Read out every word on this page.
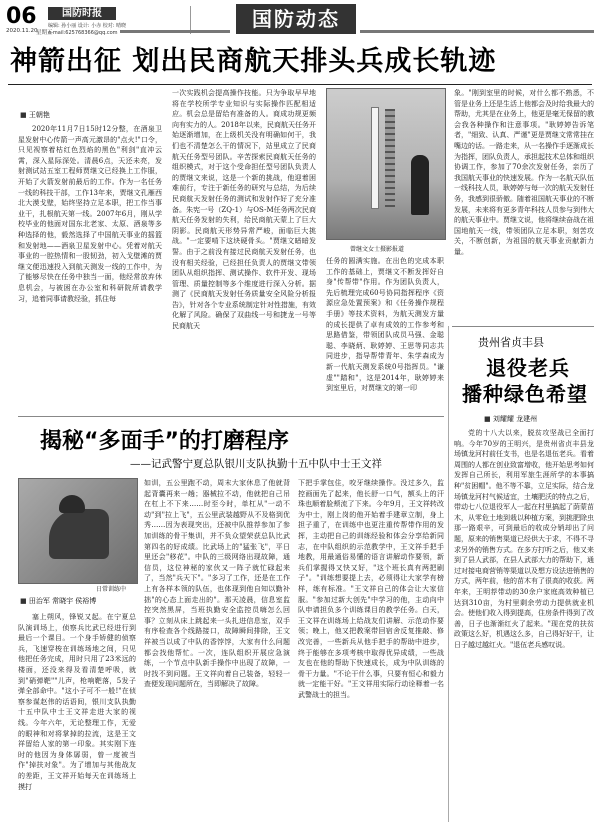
06
2020.11.20
星期五
国防时报
编辑: 孙小丽 设计: 小赤 校对: 晴晓
e-mail:625768366@qq.com
国防动态
神箭出征 划出民商航天排头兵成长轨迹
■ 王朝艳

2020年11月7日15时12分整，在酒泉卫星发射中心传箭一声高元激昂的"点火!"口令，只见视察着枯红色烈焰的黑色"利剑"直冲云霄，深入星际深处。清晨6点，天还未亮，发射测试站五室工程师贾继文已经换上工作服，开始了火箭发射前最后的工作。作为一名任务一线的科技干部，工作13年来，贾继文孔雁西北大漠戈壁，始终坚持立足本职，把工作当事业干，扎根航天第一线。2007年6月，刚从学校毕业的他面对国东北老家、太原、酒泉等多种选择的他，毅然选择了中国航天事业的摇篮和发射地——酒泉卫星发射中心。凭着对航天事业的一腔热情和一股韧劲，初入戈壁滩的贾继文便迅速投入到航天测发一线的工作中，为了能够尽快在任务中独当一面，他经常放弃休息机会，与被困在办公室和科研院所请教学习，追着同事请教经验，抓住每

一次实践机会提高操作技能。只为争取早早地将在学校所学专业知识与实际操作匹配相适应。机会总是留给有准备的人。商成功规更频向有实力的人。2018年以来，民商航天任务开始逐渐增加，在上级机关没有明确如何干，我们也不清楚怎么干的情况下，站里成立了民商航天任务型号团队。辛苦探索民商航天任务的组织模式，对于这个受命担任型号团队负责人的贾继文来说，这是一个新的挑战，他迎着困难前行，专注于新任务的研究与总结，为后续民商航天发射任务的测试和发射作好了充分准备。朱宪一号（ZQ-1）与OS-M任务两次民商航天任务发射的失利，给民商航天蒙上了巨大阴影。民商航天形势异常严峻，面临巨大挑战。"一定要啃下这块硬骨头。"贾继文暗暗发誓。由于之前没有接过民商航天发射任务，也没有相关经验，已经担任负责人的贾继文带领团队从组织指挥、测试操作、软件开发、现场管理、质量控制等多个维度进行深入分析。据测了《民商航天发射任务质量安全风险分析报告》，针对各个专业系统制定针对性措施，有效化解了风险。确保了双曲线一号和捷龙一号等民商航天

曾继文女士摄影报道

任务的圆满实施。在出色的完成本职工作的基础上，贾继文不断发挥好自身"传帮带"作用。作为团队负责人，先后梳理完成60号协同指挥程序《资源应急处置预案》和《任务操作规程手册》等技术资料，为航天测发方量的成长提供了卓有成效的工作参考和思路借鉴，带领团队成员马强、金聪聪、李晓炳、耿婷婷、王思等同志共同进步，指导帮带青年、朱学森成为新一代航天测发系统0号指挥员。"谦虚""踏和"，这是2014年，耿婷婷来到室里后，对贾继文的第一印

象。"刚到室里的时候，对什么都不熟悉，不管是业务上还是生活上他都会及时给我最大的帮助，尤其是在业务上，他更是毫无保留的教会我各种操作和注意事项。"耿婷婷告诉笔者，"细致、认真、严谨"更是贾继文常常挂在嘴边的话。一路走来，从一名操作手逐渐成长为指挥，团队负责人，承担起技术总体和组织协调工作，参加了70余次发射任务，亲历了我国航天事业的快速发展。作为一名航天队伍一线科技人员，耿婷婷与每一次的航天发射任务，我感到很骄傲。随着祖国航天事业的不断发展，未来将有更多青年科技人员参与到伟大的航天事业中。贾继文说，他将继续奋战在祖国地航天一线，带领团队立足本职，刻苦攻关，不断创新，为祖国的航天事业贡献新力量。

贵州省贞丰县
退役老兵
播种绿色希望
■ 刘耀耀 龙建州

党的十八大以来，脱贫攻坚战已全面打响。今年70岁的王明兴，是贵州省贞丰县龙场镇龙河村前任支书，也是名退伍老兵。看着周围的人都在创业致富增收，他开始思考如何发挥自己所长，利用军旅生涯所学的本事搞种"贫困帽"。他不等不靠，立足实际，结合龙场镇龙河村气候适宜，土壤肥沃的特点之后，带动七八位退役军人一起在村里搞起了荫蒙苗木，从零危土地到栽以种植方案，到挑肥除虫那一路艰辛，可到最后的收成分销却出了问题，原来的销售渠道已经供大于求，不得不寻求另外的销售方式。在多方打听之后，他又来到了县人武部，在县人武部大力的帮助下，通过对接电商营销等渠道以及想方设法进销售的方式，两年前，他的苗木有了很高的收获。两年来，王明荐带动的30余户家庭高效种植已达到310亩，为村里剩余劳动力提供就业机会。使他们收入得到提高，住房条件得到了改善，日子也渐渐红火了起来。"现在党的扶贫政策这么好，机遇这么多，自己得好好干，让日子越过越红火。"退伍老兵感叹说。

揭秘“多面手”的打磨程序
——记武警宁夏总队银川支队执勤十五中队中士王文祥
日常训练中
■ 田治军 常晓宇 侯裕博

塞上朔风，锋锐又起。在宁夏总队演训场上，侦察兵比武已经进行到最后一个课目。一个身手矫健的侦察兵，飞速穿梭在训练场地之间，只见他把任务完成，用时只用了23米远的楼面，还没来得及看清楚呼吸，就到"硝弹靶""儿声，枪响靶落，5发子弹全部命中。"这小子可不一般!"在侦察参谋赵伟的话语间，银川支队执勤十五中队中士王文祥走进大家的视线。今年六年，无论整理工作，无爱的眼神和对将掌掉的拉流，这是王文祥留给人家的第一印象。其实刚下连时的他因为身体孱弱，曾一度被当作"掉扶对象"。为了增加与其他战友的差距，王文祥开始每天在训练场上摸打

如训，五公里跑不动，周末大家休息了他就背起背囊再来一趟；器械拉不动，他就把自己吊在杠上不下来……时至今时，单杠从"一动不动"到"拉上飞"，五公里武装越野从不及格到优秀……因为表现突出，还被中队推荐参加了参加训练的骨干集训，并不负众望荣获总队比武第四名的好成绩。比武场上的"猛张飞"，平日里还会"移花"。中队的三级网络出现故障，通信员，这位神秘的家伙又一阵子就忙碌起来了，当然"兵天下"。"多习了工作，还是在工作上有各样本领的队伍，也体现到他自知以勤补拙"的心态上面走出的"。那天凌晨，信息室监控突然黑屏，当班执勤安全监控员嗨怎么回事？立刻从床上跳起来一头扎进信息室，双手有序检查各个线路接口，故障瞬间排除，王文祥被当以成了中队的香饽饽，大家有什么问题都会找他帮忙。一次，连队组织开展应急演练，一个节点中队新手操作中出现了故障，一时找不到问题。王文祥向着自己装备，轻轻一查便发现问题所在，当即解决了故障。

下把手掌包住，咬牙继续操作。没过多久，监控画面先了起来，他长舒一口气，额头上的汗珠也顺着脸颊流了下来。今年9月，王文祥转改为中士，刚上岗的他开始着手建章立制，身上担子重了，在训练中也更注重传帮带作用的发挥，主动把自己的训练经验和体会分享给新同志，在中队组织的示范教学中，王文祥手把手地教，用最通俗易懂的语言讲解动作要领，新兵们掌握得又快又好，"这个班长真有两把刷子"。"训练想要提上去，必须得让大家学有榜样，练有标准。"王文祥自己的体会让大家信服。"参加过新大创先"中学习的他，主动向中队申请担负多个训练课目的教学任务。白天，王文祥在训练场上给战友们讲解、示范动作要领；晚上，他又把教案带回宿舍反复推敲、修改完善，一些新兵从他手把手的帮助中进步，终于能够在多项考核中取得优异成绩，一些战友也在他的帮助下快速成长，成为中队训练的骨干力量。"不论干什么事，只要有恒心和毅力就一定能干好。"王文祥用实际行动诠释着一名武警战士的担当。
